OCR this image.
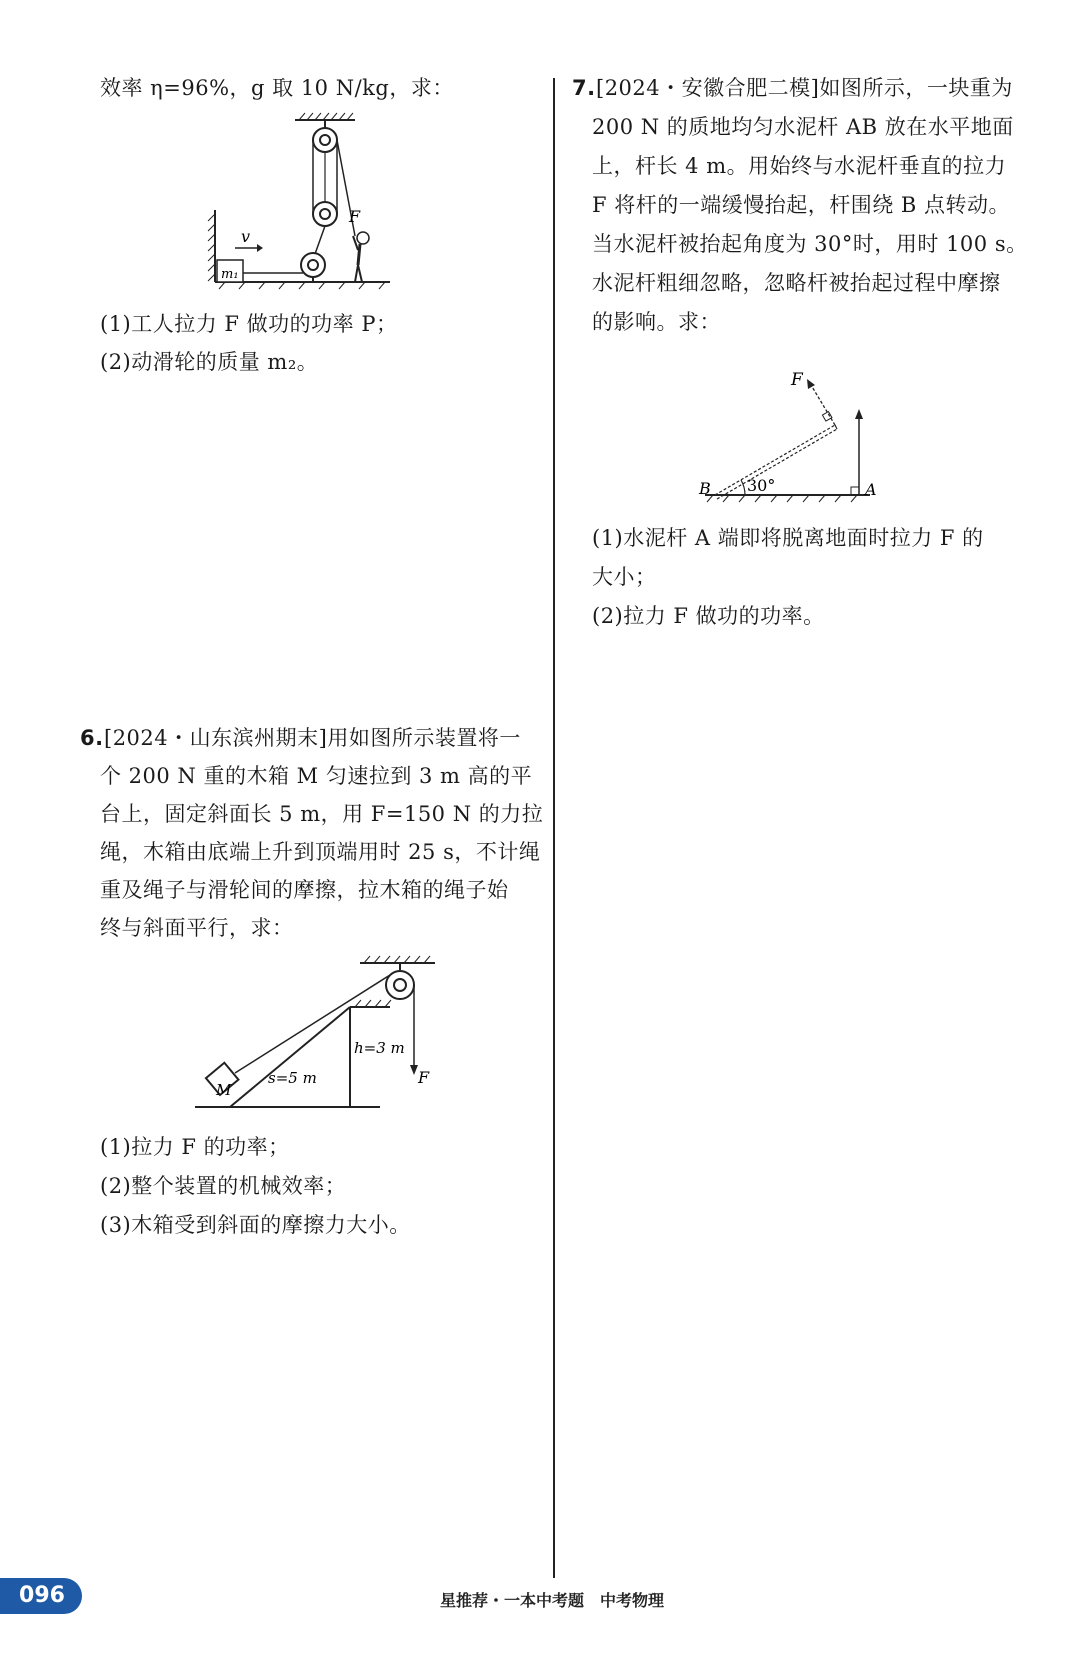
效率 η=96%，g 取 10 N/kg，求：
m₁
v
F
(1)工人拉力 F 做功的功率 P；
(2)动滑轮的质量 m₂。
6. [2024・山东滨州期末]用如图所示装置将一
个 200 N 重的木箱 M 匀速拉到 3 m 高的平
台上，固定斜面长 5 m，用 F=150 N 的力拉
绳，木箱由底端上升到顶端用时 25 s，不计绳
重及绳子与滑轮间的摩擦，拉木箱的绳子始
终与斜面平行，求：
M
F
s=5 m
h=3 m
(1)拉力 F 的功率；
(2)整个装置的机械效率；
(3)木箱受到斜面的摩擦力大小。
7. [2024・安徽合肥二模]如图所示，一块重为
200 N 的质地均匀水泥杆 AB 放在水平地面
上，杆长 4 m。用始终与水泥杆垂直的拉力
F 将杆的一端缓慢抬起，杆围绕 B 点转动。
当水泥杆被抬起角度为 30°时，用时 100 s。
水泥杆粗细忽略，忽略杆被抬起过程中摩擦
的影响。求：
F
30°
B	A
(1)水泥杆 A 端即将脱离地面时拉力 F 的
大小；
(2)拉力 F 做功的功率。
096	星推荐・一本中考题　中考物理
